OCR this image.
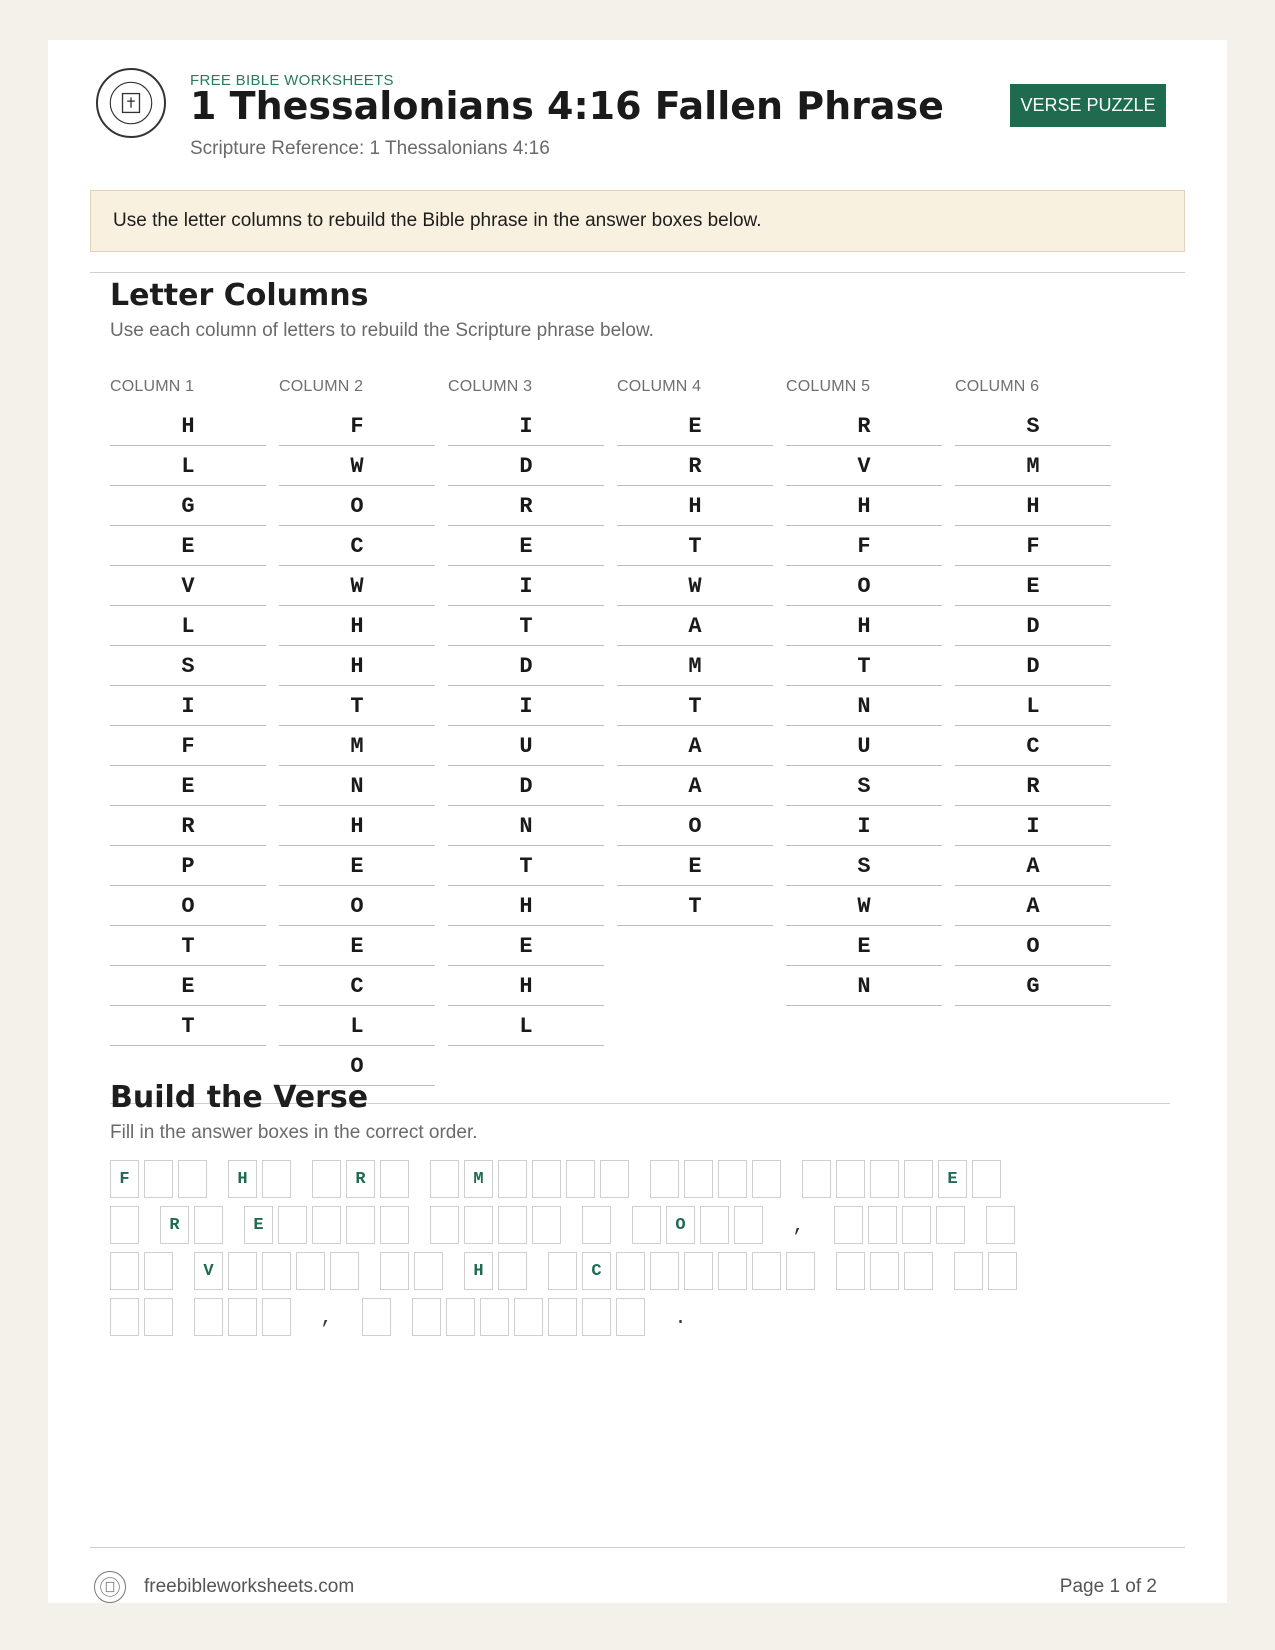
FREE BIBLE WORKSHEETS
1 Thessalonians 4:16 Fallen Phrase
Scripture Reference: 1 Thessalonians 4:16
VERSE PUZZLE
Use the letter columns to rebuild the Bible phrase in the answer boxes below.
Letter Columns
Use each column of letters to rebuild the Scripture phrase below.
COLUMN 1
H
L
G
E
V
L
S
I
F
E
R
P
O
T
E
T
COLUMN 2
F
W
O
C
W
H
H
T
M
N
H
E
O
E
C
L
O
COLUMN 3
I
D
R
E
I
T
D
I
U
D
N
T
H
E
H
L
COLUMN 4
E
R
H
T
W
A
M
T
A
A
O
E
T
COLUMN 5
R
V
H
F
O
H
T
N
U
S
I
S
W
E
N
COLUMN 6
S
M
H
F
E
D
D
L
C
R
I
A
A
O
G
Build the Verse
Fill in the answer boxes in the correct order.
F	H	R	M	E
R	E	O	,
V	H	C
,	.
freebibleworksheets.com	Page 1 of 2
